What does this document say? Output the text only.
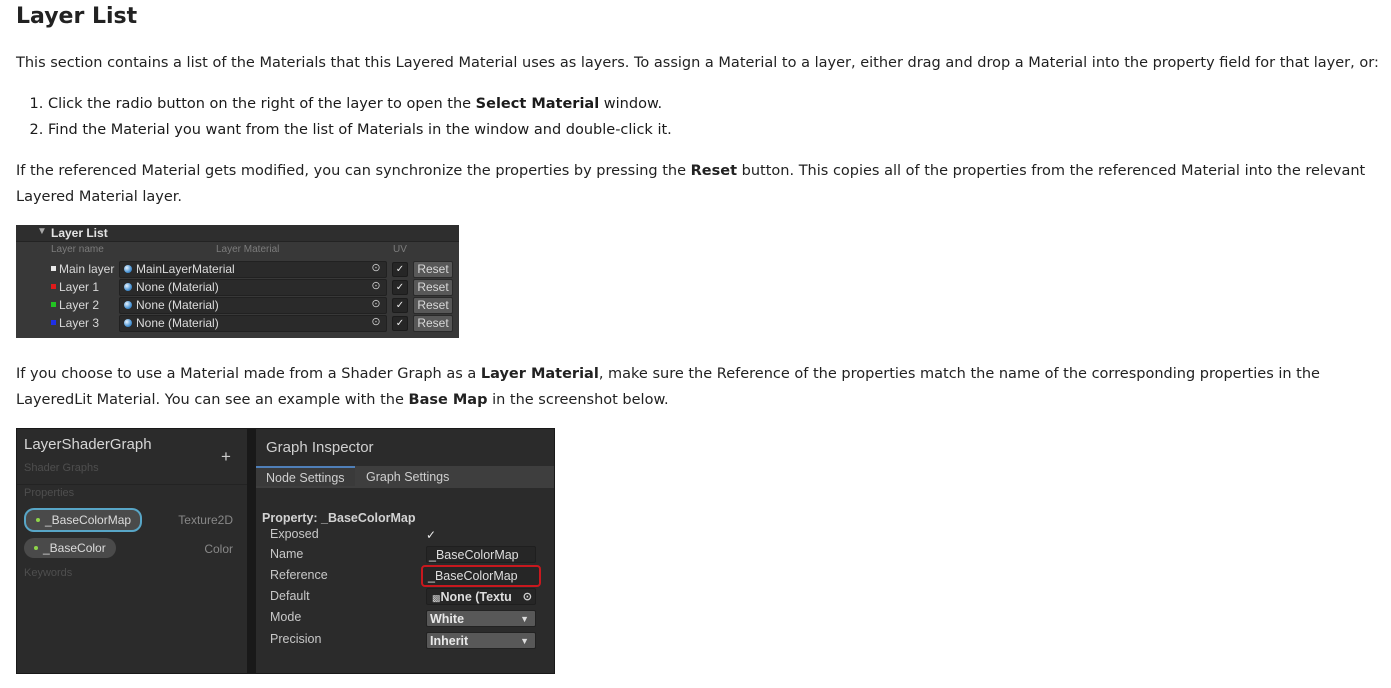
Layer List

This section contains a list of the Materials that this Layered Material uses as layers. To assign a Material to a layer, either drag and drop a Material into the property field for that layer, or:

1. Click the radio button on the right of the layer to open the Select Material window.
2. Find the Material you want from the list of Materials in the window and double-click it.

If the referenced Material gets modified, you can synchronize the properties by pressing the Reset button. This copies all of the properties from the referenced Material into the relevant Layered Material layer.

If you choose to use a Material made from a Shader Graph as a Layer Material, make sure the Reference of the properties match the name of the corresponding properties in the LayeredLit Material. You can see an example with the Base Map in the screenshot below.

▼ Layer List
Layer name	Layer Material	UV
Main layer MainLayerMaterial	⊙	✓	Reset
Layer 1	None (Material)	⊙	✓	Reset
Layer 2	None (Material)	⊙	✓	Reset
Layer 3	None (Material)	⊙	✓	Reset
LayerShaderGraph
Shader Graphs
+
Properties
_BaseColorMap	Texture2D
_BaseColor	Color
Keywords
Graph Inspector
Node Settings	Graph Settings
Property: _BaseColorMap
Exposed	✓
Name	_BaseColorMap
Reference	_BaseColorMap
Default	▩None (Textu ⊙
Mode	White	▼
Precision	Inherit	▼
